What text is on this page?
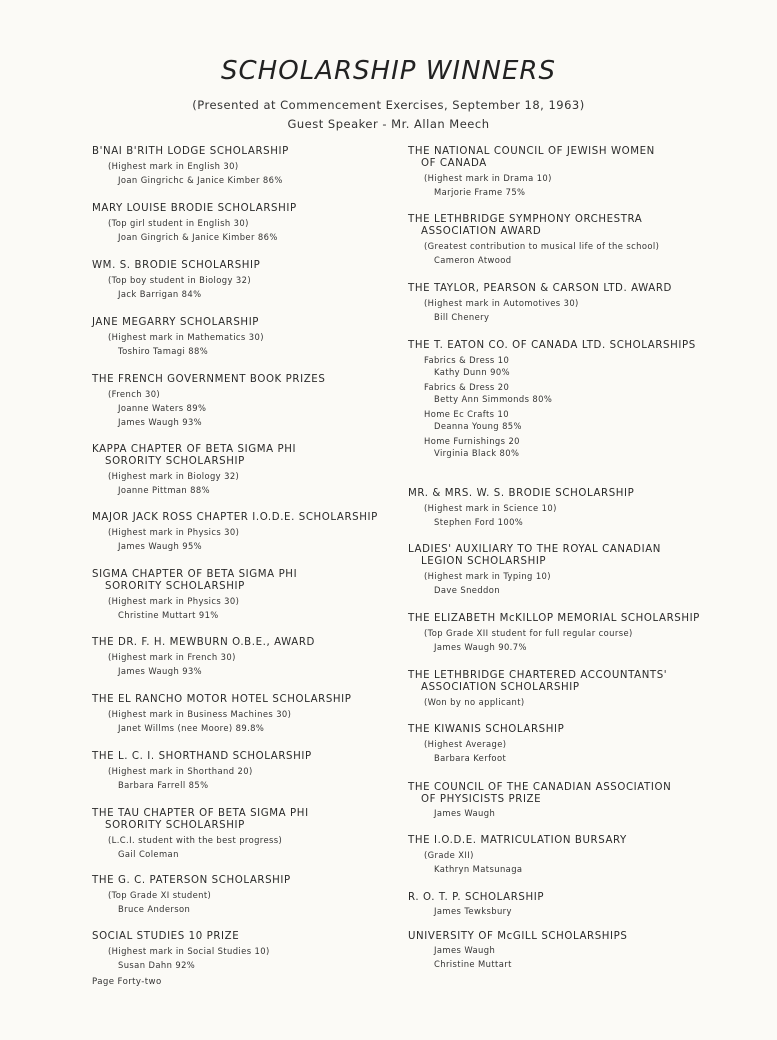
SCHOLARSHIP WINNERS
(Presented at Commencement Exercises, September 18, 1963)
Guest Speaker - Mr. Allan Meech
B'NAI B'RITH LODGE SCHOLARSHIP
(Highest mark in English 30)
Joan Gingrichc & Janice Kimber 86%
MARY LOUISE BRODIE SCHOLARSHIP
(Top girl student in English 30)
Joan Gingrich & Janice Kimber 86%
WM. S. BRODIE SCHOLARSHIP
(Top boy student in Biology 32)
Jack Barrigan 84%
JANE MEGARRY SCHOLARSHIP
(Highest mark in Mathematics 30)
Toshiro Tamagi 88%
THE FRENCH GOVERNMENT BOOK PRIZES
(French 30)
Joanne Waters 89%
James Waugh 93%
KAPPA CHAPTER OF BETA SIGMA PHI
SORORITY SCHOLARSHIP
(Highest mark in Biology 32)
Joanne Pittman 88%
MAJOR JACK ROSS CHAPTER I.O.D.E. SCHOLARSHIP
(Highest mark in Physics 30)
James Waugh 95%
SIGMA CHAPTER OF BETA SIGMA PHI
SORORITY SCHOLARSHIP
(Highest mark in Physics 30)
Christine Muttart 91%
THE DR. F. H. MEWBURN O.B.E., AWARD
(Highest mark in French 30)
James Waugh 93%
THE EL RANCHO MOTOR HOTEL SCHOLARSHIP
(Highest mark in Business Machines 30)
Janet Willms (nee Moore) 89.8%
THE L. C. I. SHORTHAND SCHOLARSHIP
(Highest mark in Shorthand 20)
Barbara Farrell 85%
THE TAU CHAPTER OF BETA SIGMA PHI
SORORITY SCHOLARSHIP
(L.C.I. student with the best progress)
Gail Coleman
THE G. C. PATERSON SCHOLARSHIP
(Top Grade XI student)
Bruce Anderson
SOCIAL STUDIES 10 PRIZE
(Highest mark in Social Studies 10)
Susan Dahn 92%
THE NATIONAL COUNCIL OF JEWISH WOMEN
OF CANADA
(Highest mark in Drama 10)
Marjorie Frame 75%
THE LETHBRIDGE SYMPHONY ORCHESTRA
ASSOCIATION AWARD
(Greatest contribution to musical life of the school)
Cameron Atwood
THE TAYLOR, PEARSON & CARSON LTD. AWARD
(Highest mark in Automotives 30)
Bill Chenery
THE T. EATON CO. OF CANADA LTD. SCHOLARSHIPS
Fabrics & Dress 10
Kathy Dunn 90%
Fabrics & Dress 20
Betty Ann Simmonds 80%
Home Ec Crafts 10
Deanna Young 85%
Home Furnishings 20
Virginia Black 80%
MR. & MRS. W. S. BRODIE SCHOLARSHIP
(Highest mark in Science 10)
Stephen Ford 100%
LADIES' AUXILIARY TO THE ROYAL CANADIAN
LEGION SCHOLARSHIP
(Highest mark in Typing 10)
Dave Sneddon
THE ELIZABETH McKILLOP MEMORIAL SCHOLARSHIP
(Top Grade XII student for full regular course)
James Waugh 90.7%
THE LETHBRIDGE CHARTERED ACCOUNTANTS'
ASSOCIATION SCHOLARSHIP
(Won by no applicant)
THE KIWANIS SCHOLARSHIP
(Highest Average)
Barbara Kerfoot
THE COUNCIL OF THE CANADIAN ASSOCIATION
OF PHYSICISTS PRIZE
James Waugh
THE I.O.D.E. MATRICULATION BURSARY
(Grade XII)
Kathryn Matsunaga
R. O. T. P. SCHOLARSHIP
James Tewksbury
UNIVERSITY OF McGILL SCHOLARSHIPS
James Waugh
Christine Muttart
Page Forty-two
